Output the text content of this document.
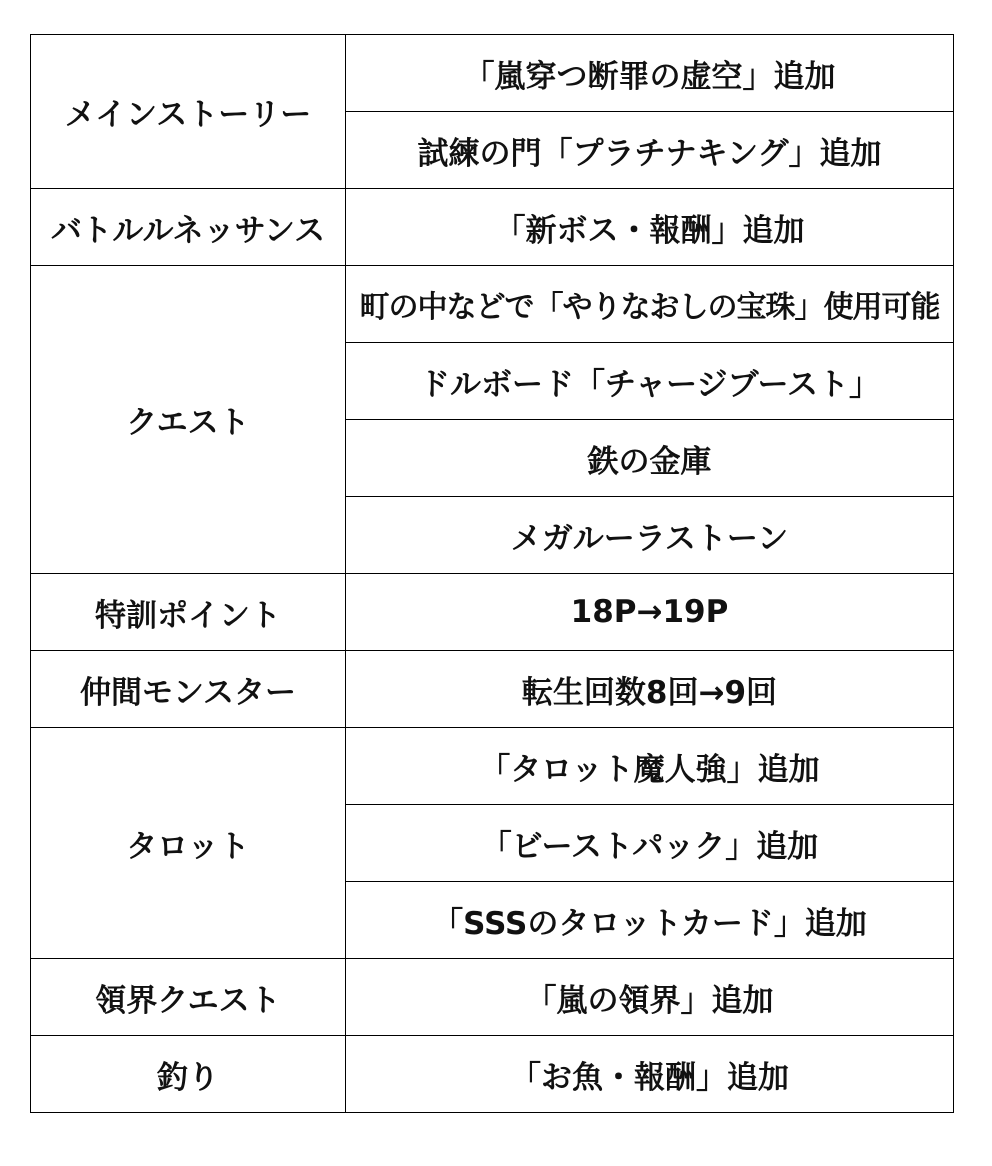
メインストーリー	「嵐穿つ断罪の虚空」追加
	試練の門「プラチナキング」追加
バトルルネッサンス	「新ボス・報酬」追加
クエスト	町の中などで「やりなおしの宝珠」使用可能
	ドルボード「チャージブースト」
	鉄の金庫
	メガルーラストーン
特訓ポイント	18P→19P
仲間モンスター	転生回数8回→9回
タロット	「タロット魔人強」追加
	「ビーストパック」追加
	「SSSのタロットカード」追加
領界クエスト	「嵐の領界」追加
釣り	「お魚・報酬」追加
